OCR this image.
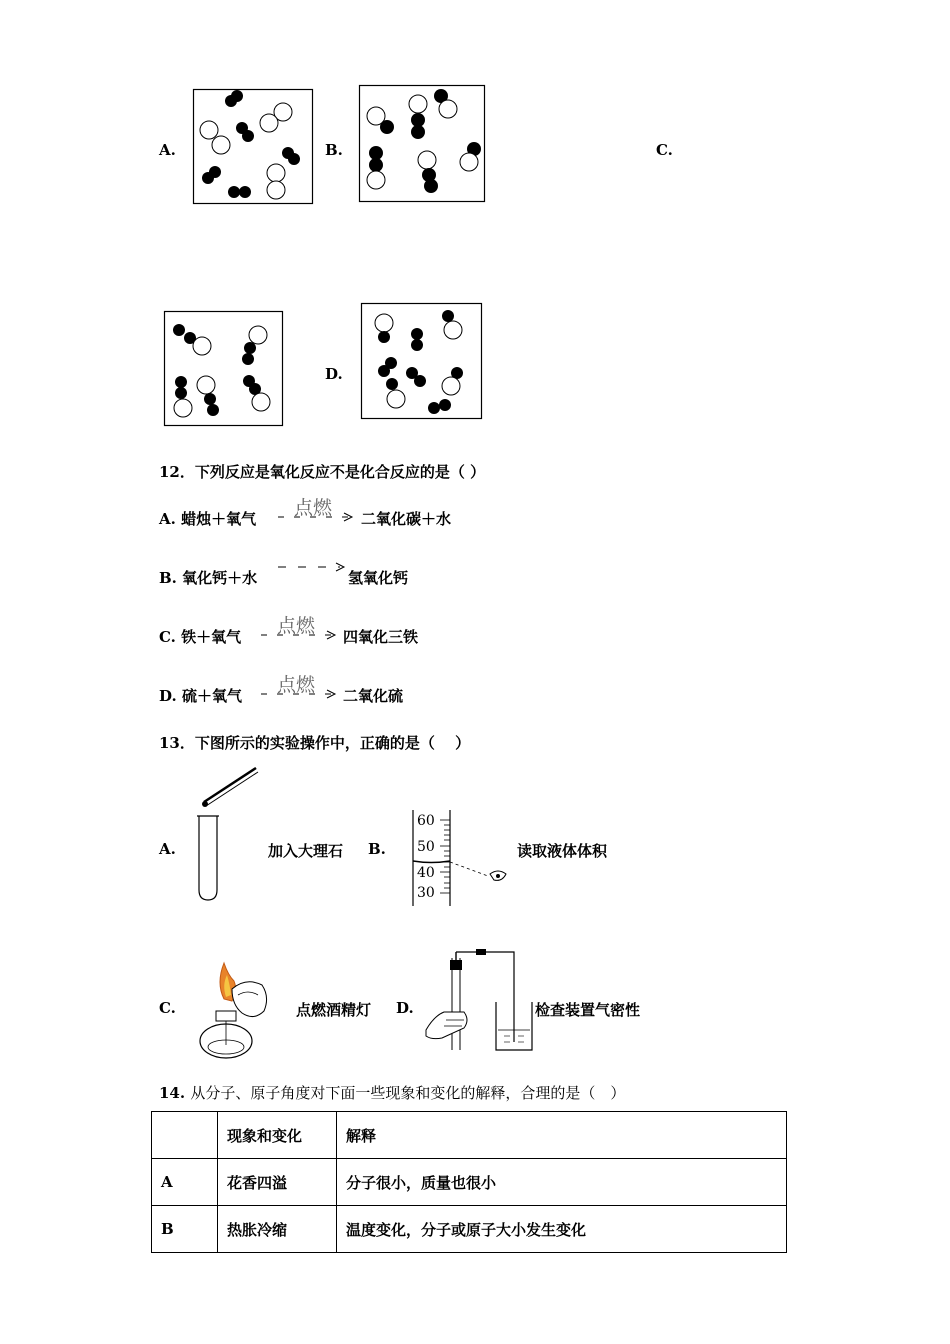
A.	B.	C.
D.
12．下列反应是氧化反应不是化合反应的是（ ）
A. 蜡烛＋氧气 点燃 二氧化碳＋水
B. 氧化钙＋水	氢氧化钙
C. 铁＋氧气 点燃 四氧化三铁
D. 硫＋氧气 点燃 二氧化硫
13．下图所示的实验操作中，正确的是（　 ）
A.	加入大理石 B.
60
50
40
30
读取液体体积
C.	点燃酒精灯 D.	检查装置气密性
14. 从分子、原子角度对下面一些现象和变化的解释，合理的是（　）
	现象和变化	解释
A	花香四溢	分子很小，质量也很小
B	热胀冷缩	温度变化，分子或原子大小发生变化
